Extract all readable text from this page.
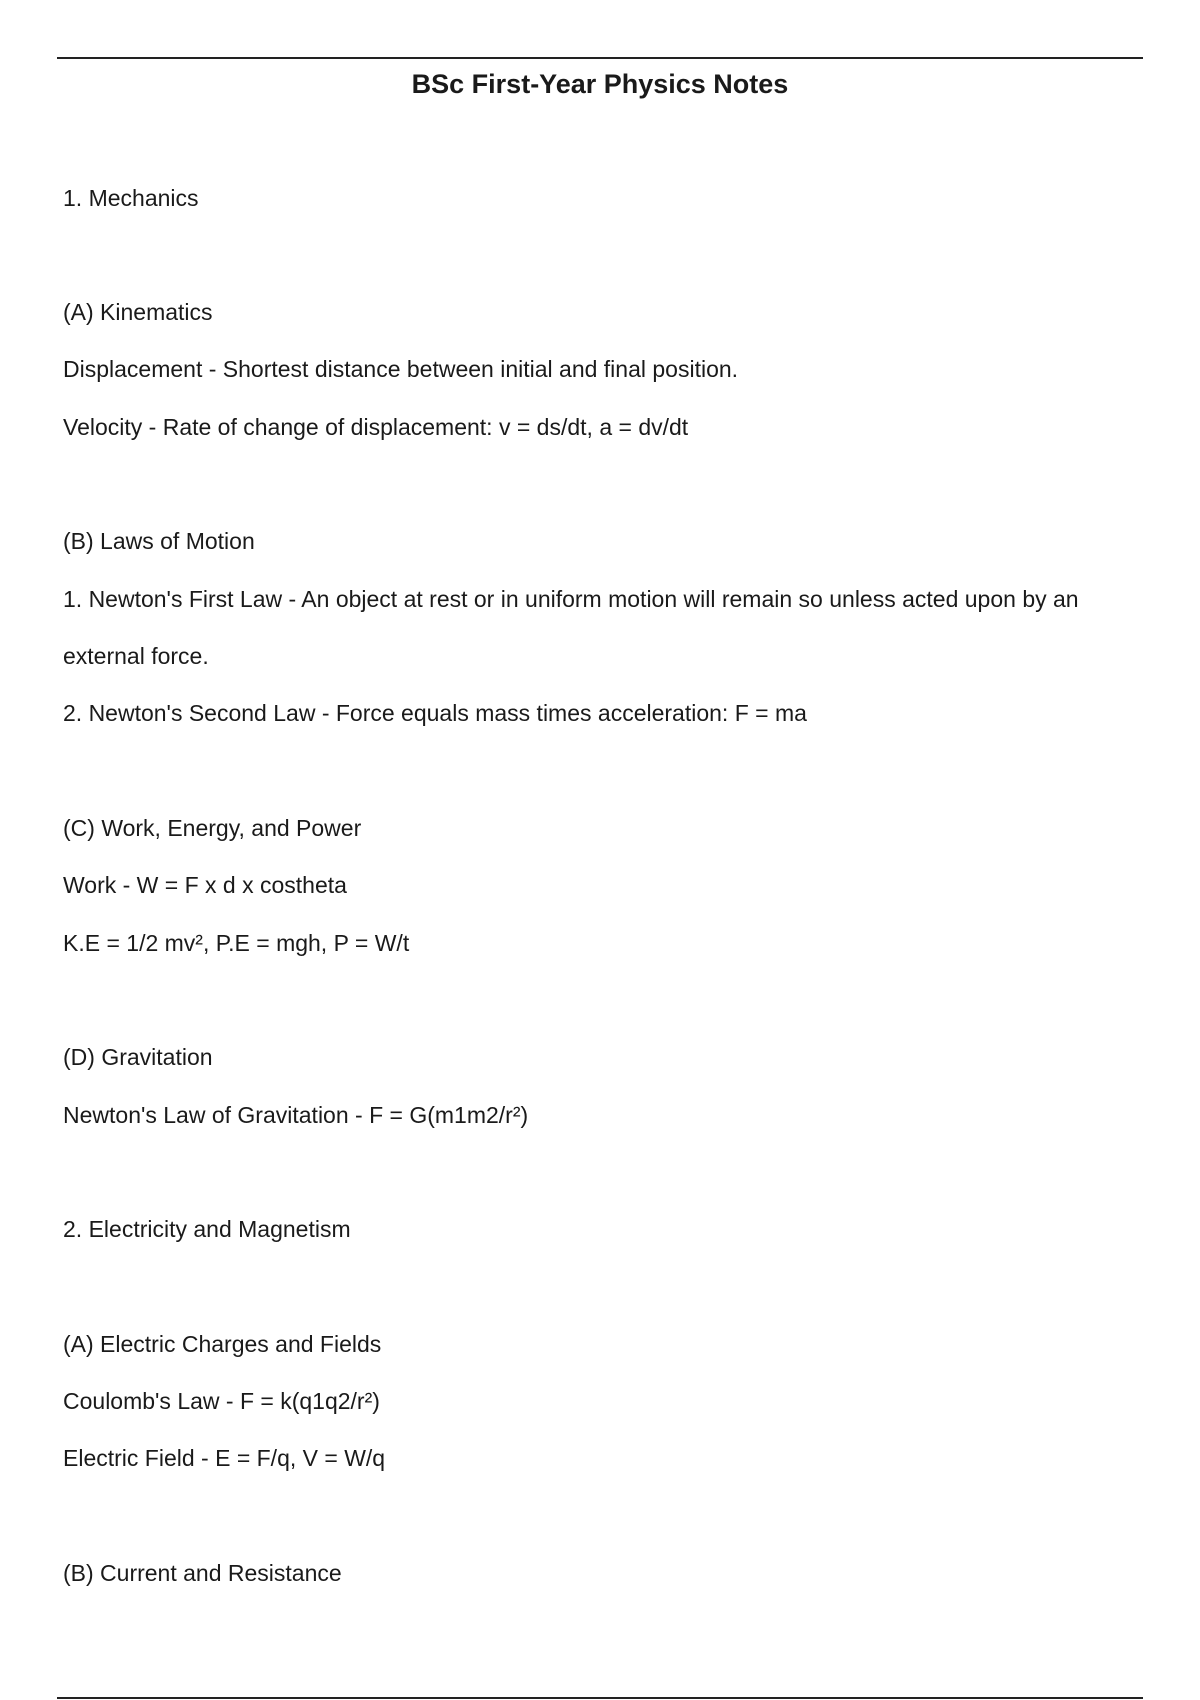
BSc First-Year Physics Notes

1. Mechanics

(A) Kinematics

Displacement - Shortest distance between initial and final position.

Velocity - Rate of change of displacement: v = ds/dt, a = dv/dt

(B) Laws of Motion

1. Newton's First Law - An object at rest or in uniform motion will remain so unless acted upon by an

external force.

2. Newton's Second Law - Force equals mass times acceleration: F = ma

(C) Work, Energy, and Power

Work - W = F x d x costheta

K.E = 1/2 mv², P.E = mgh, P = W/t

(D) Gravitation

Newton's Law of Gravitation - F = G(m1m2/r²)

2. Electricity and Magnetism

(A) Electric Charges and Fields

Coulomb's Law - F = k(q1q2/r²)

Electric Field - E = F/q, V = W/q

(B) Current and Resistance
